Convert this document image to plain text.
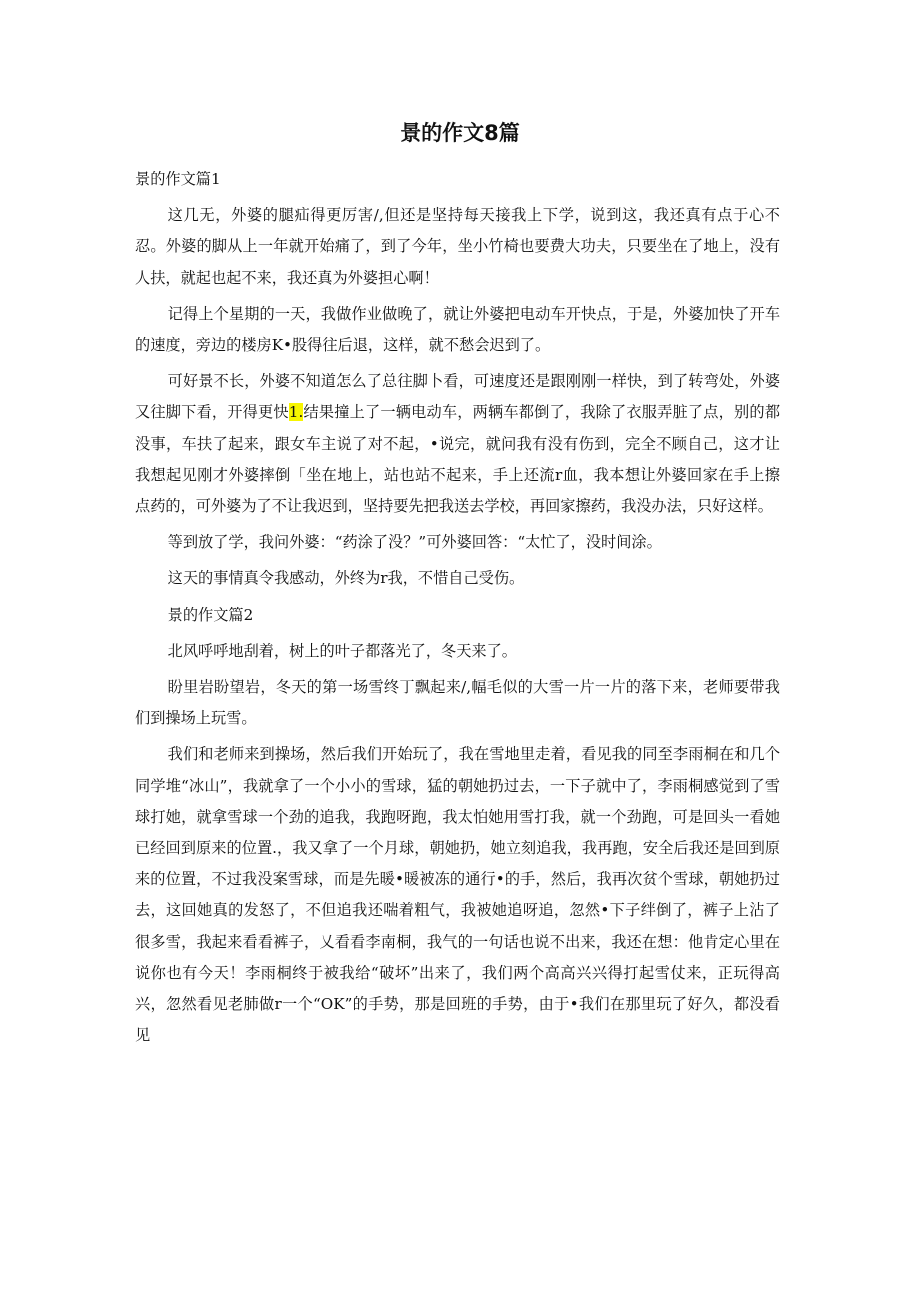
景的作文8篇
景的作文篇1

这几无，外婆的腿疝得更厉害/,但还是坚持每天接我上下学，说到这，我还真有点于心不忍。外婆的脚从上一年就开始痛了，到了今年，坐小竹椅也要费大功夫，只要坐在了地上，没有人扶，就起也起不来，我还真为外婆担心啊！

记得上个星期的一天，我做作业做晚了，就让外婆把电动车开快点，于是，外婆加快了开车的速度，旁边的楼房K•股得往后退，这样，就不愁会迟到了。

可好景不长，外婆不知道怎么了总往脚卜看，可速度还是跟刚刚一样快，到了转弯处，外婆又往脚下看，开得更快1.结果撞上了一辆电动车，两辆车都倒了，我除了衣服弄脏了点，别的都没事，车扶了起来，跟女车主说了对不起，•说完，就问我有没有伤到，完全不顾自己，这才让我想起见刚才外婆摔倒「坐在地上，站也站不起来，手上还流r血，我本想让外婆回家在手上擦点药的，可外婆为了不让我迟到，坚持要先把我送去学校，再回家擦药，我没办法，只好这样。

等到放了学，我问外婆：“药涂了没？”可外婆回答：“太忙了，没时间涂。

这天的事情真令我感动，外终为r我，不惜自己受伤。

景的作文篇2

北风呼呼地刮着，树上的叶子都落光了，冬天来了。

盼里岩盼望岩，冬天的第一场雪终丁飘起来/,幅毛似的大雪一片一片的落下来，老师要带我们到操场上玩雪。

我们和老师来到操场，然后我们开始玩了，我在雪地里走着，看见我的同至李雨桐在和几个同学堆“冰山”，我就拿了一个小小的雪球，猛的朝她扔过去，一下子就中了，李雨桐感觉到了雪球打她，就拿雪球一个劲的追我，我跑呀跑，我太怕她用雪打我，就一个劲跑，可是回头一看她已经回到原来的位置.，我又拿了一个月球，朝她扔，她立刻追我，我再跑，安全后我还是回到原来的位置，不过我没案雪球，而是先暖•暖被冻的通行•的手，然后，我再次贫个雪球，朝她扔过去，这回她真的发怒了，不但追我还喘着粗气，我被她追呀追，忽然•下子绊倒了，裤子上沾了很多雪，我起来看看裤子，乂看看李南桐，我气的一句话也说不出来，我还在想：他肯定心里在说你也有今天！李雨桐终于被我给“破坏”出来了，我们两个高高兴兴得打起雪仗来，正玩得高兴，忽然看见老肺做r一个“OK”的手势，那是回班的手势，由于•我们在那里玩了好久，都没看见
